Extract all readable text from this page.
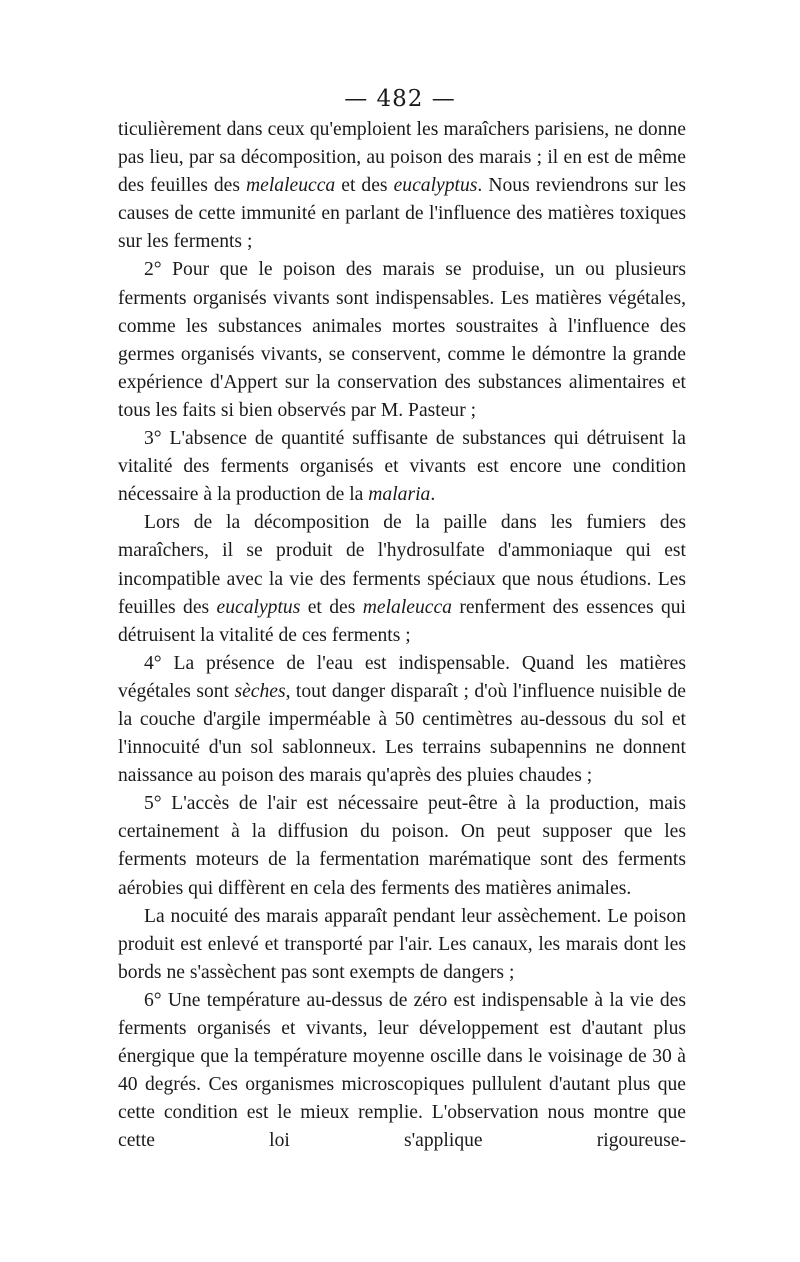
— 482 —

ticulièrement dans ceux qu'emploient les maraîchers parisiens, ne donne pas lieu, par sa décomposition, au poison des marais ; il en est de même des feuilles des melaleucca et des eucalyptus. Nous reviendrons sur les causes de cette immunité en parlant de l'influence des matières toxiques sur les ferments ;

2° Pour que le poison des marais se produise, un ou plusieurs ferments organisés vivants sont indispensables. Les matières végétales, comme les substances animales mortes soustraites à l'influence des germes organisés vivants, se conservent, comme le démontre la grande expérience d'Appert sur la conservation des substances alimentaires et tous les faits si bien observés par M. Pasteur ;

3° L'absence de quantité suffisante de substances qui détruisent la vitalité des ferments organisés et vivants est encore une condition nécessaire à la production de la malaria.

Lors de la décomposition de la paille dans les fumiers des maraîchers, il se produit de l'hydrosulfate d'ammoniaque qui est incompatible avec la vie des ferments spéciaux que nous étudions. Les feuilles des eucalyptus et des melaleucca renferment des essences qui détruisent la vitalité de ces ferments ;

4° La présence de l'eau est indispensable. Quand les matières végétales sont sèches, tout danger disparaît ; d'où l'influence nuisible de la couche d'argile imperméable à 50 centimètres au-dessous du sol et l'innocuité d'un sol sablonneux. Les terrains subapennins ne donnent naissance au poison des marais qu'après des pluies chaudes ;

5° L'accès de l'air est nécessaire peut-être à la production, mais certainement à la diffusion du poison. On peut supposer que les ferments moteurs de la fermentation marématique sont des ferments aérobies qui diffèrent en cela des ferments des matières animales.

La nocuité des marais apparaît pendant leur assèchement. Le poison produit est enlevé et transporté par l'air. Les canaux, les marais dont les bords ne s'assèchent pas sont exempts de dangers ;

6° Une température au-dessus de zéro est indispensable à la vie des ferments organisés et vivants, leur développement est d'autant plus énergique que la température moyenne oscille dans le voisinage de 30 à 40 degrés. Ces organismes microscopiques pullulent d'autant plus que cette condition est le mieux remplie. L'observation nous montre que cette loi s'applique rigoureuse-
